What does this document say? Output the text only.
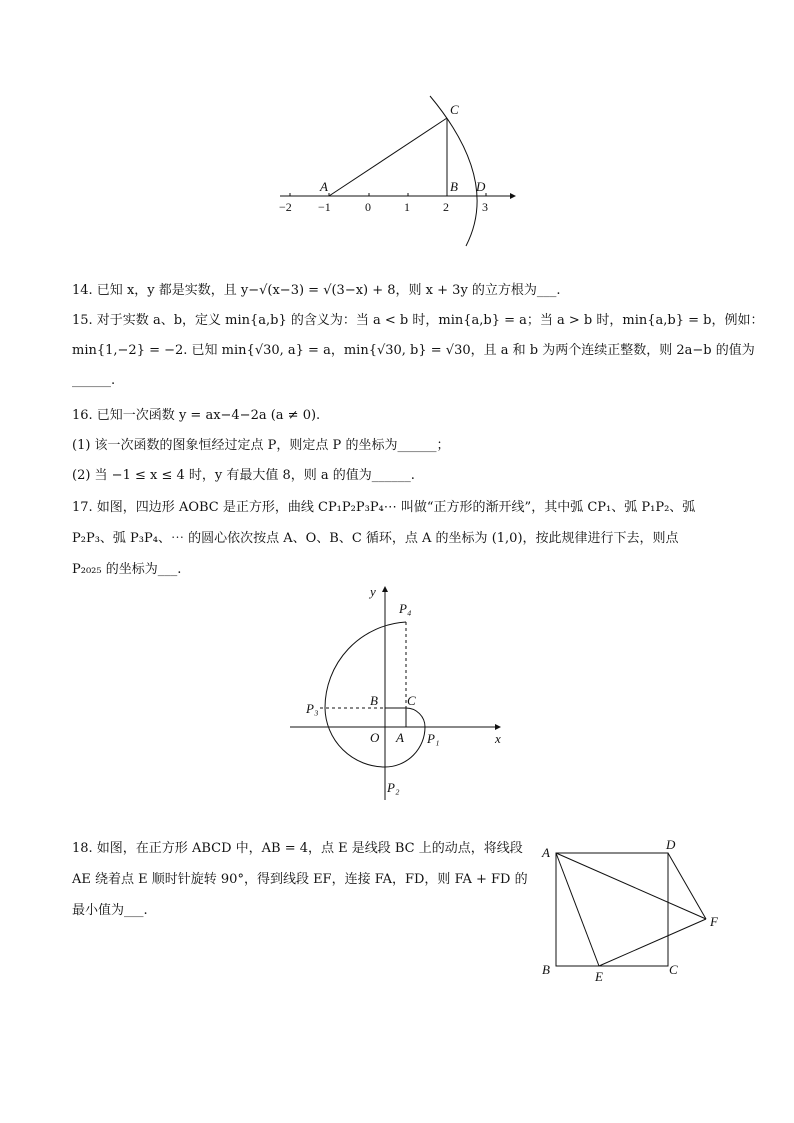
A	B
C
D
−2 −1	0	1	2	3
14. 已知 x，y 都是实数，且 y−√(x−3) = √(3−x) + 8，则 x + 3y 的立方根为___.
15. 对于实数 a、b，定义 min{a,b} 的含义为：当 a < b 时，min{a,b} = a；当 a > b 时，min{a,b} = b，例如：
min{1,−2} = −2. 已知 min{√30, a} = a，min{√30, b} = √30，且 a 和 b 为两个连续正整数，则 2a−b 的值为
______.
16. 已知一次函数 y = ax−4−2a (a ≠ 0).
(1) 该一次函数的图象恒经过定点 P，则定点 P 的坐标为______；
(2) 当 −1 ≤ x ≤ 4 时，y 有最大值 8，则 a 的值为______.
17. 如图，四边形 AOBC 是正方形，曲线 CP₁P₂P₃P₄⋯ 叫做“正方形的渐开线”，其中弧 CP₁、弧 P₁P₂、弧
P₂P₃、弧 P₃P₄、⋯ 的圆心依次按点 A、O、B、C 循环，点 A 的坐标为 (1,0)，按此规律进行下去，则点
P₂₀₂₅ 的坐标为___.
y
x
O A
B C
P₁
P₂
P₃
P₄
18. 如图，在正方形 ABCD 中，AB = 4，点 E 是线段 BC 上的动点，将线段
AE 绕着点 E 顺时针旋转 90°，得到线段 EF，连接 FA，FD，则 FA + FD 的
最小值为___.
A
B	C
D
E
F
